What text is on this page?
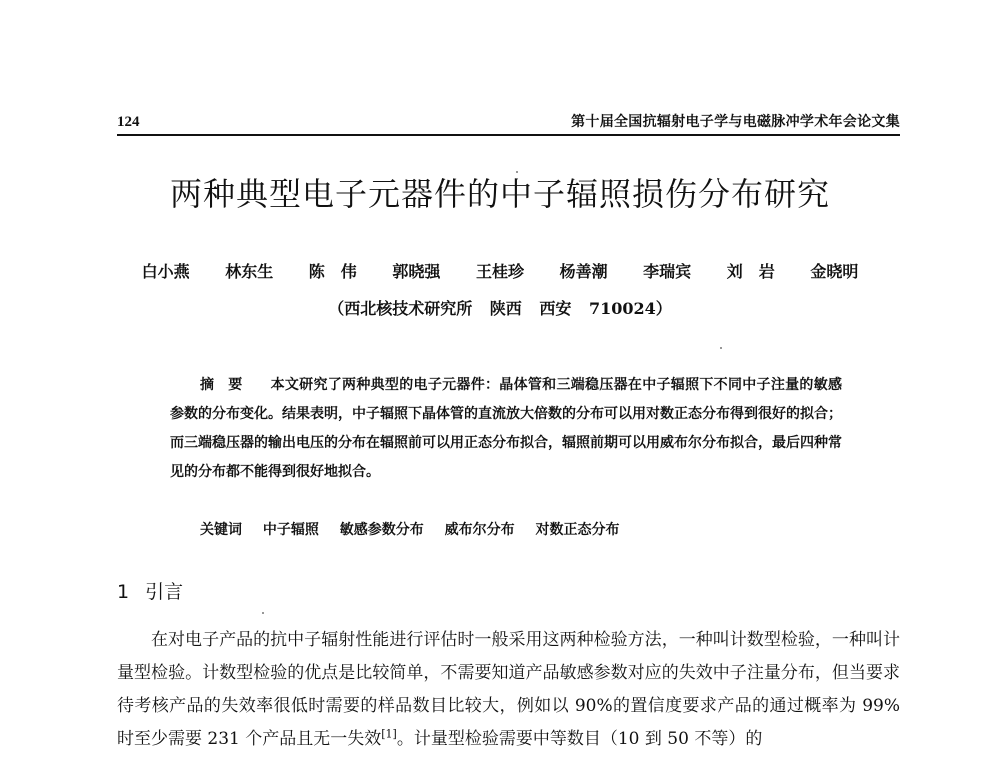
124	第十届全国抗辐射电子学与电磁脉冲学术年会论文集
两种典型电子元器件的中子辐照损伤分布研究
白小燕 林东生 陈　伟 郭晓强 王桂珍 杨善潮 李瑞宾 刘　岩 金晓明
（西北核技术研究所 陕西 西安 710024）
摘要 本文研究了两种典型的电子元器件：晶体管和三端稳压器在中子辐照下不同中子注量的敏感参数的分布变化。结果表明，中子辐照下晶体管的直流放大倍数的分布可以用对数正态分布得到很好的拟合；而三端稳压器的输出电压的分布在辐照前可以用正态分布拟合，辐照前期可以用威布尔分布拟合，最后四种常见的分布都不能得到很好地拟合。
关键词 中子辐照 敏感参数分布 威布尔分布 对数正态分布
1 引言
在对电子产品的抗中子辐射性能进行评估时一般采用这两种检验方法，一种叫计数型检验，一种叫计量型检验。计数型检验的优点是比较简单，不需要知道产品敏感参数对应的失效中子注量分布，但当要求待考核产品的失效率很低时需要的样品数目比较大，例如以 90%的置信度要求产品的通过概率为 99%时至少需要 231 个产品且无一失效[1]。计量型检验需要中等数目（10 到 50 不等）的
